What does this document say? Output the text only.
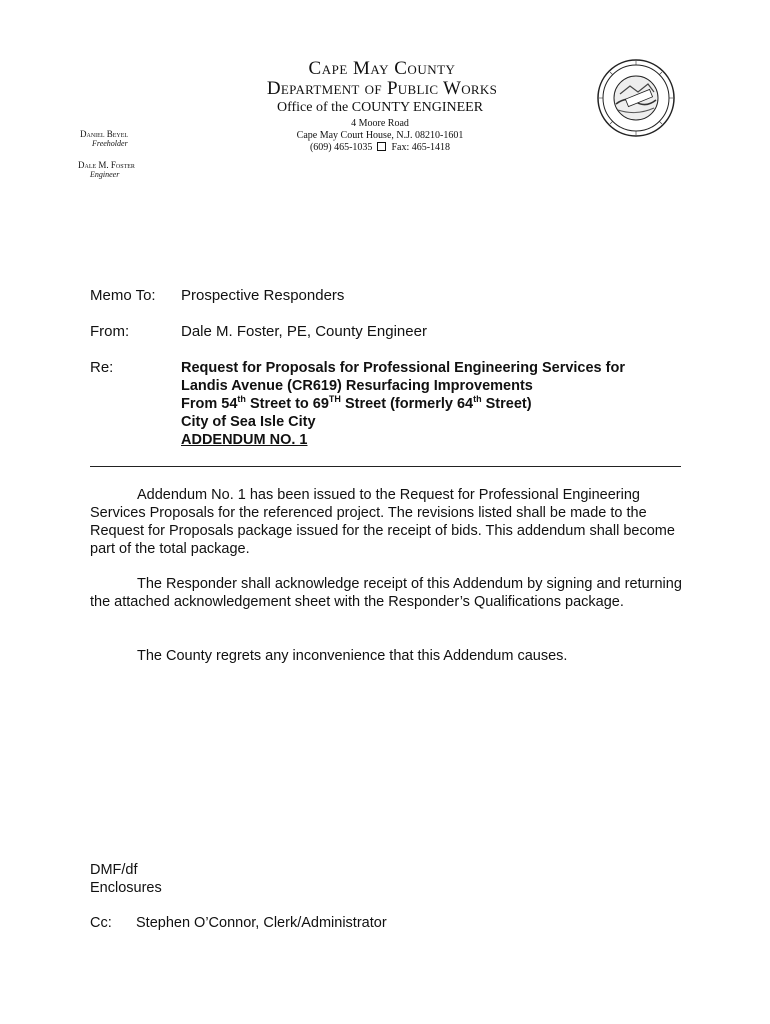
Cape May County
Department of Public Works
Office of the COUNTY ENGINEER
4 Moore Road
Cape May Court House, N.J. 08210-1601
(609) 465-1035 Fax: 465-1418
Daniel Beyel
Freeholder
Dale M. Foster
Engineer
Memo To: Prospective Responders
From:	Dale M. Foster, PE, County Engineer
Re:	Request for Proposals for Professional Engineering Services for
Landis Avenue (CR619) Resurfacing Improvements
From 54th Street to 69TH Street (formerly 64th Street)
City of Sea Isle City
ADDENDUM NO. 1
Addendum No. 1 has been issued to the Request for Professional Engineering Services Proposals for the referenced project. The revisions listed shall be made to the Request for Proposals package issued for the receipt of bids. This addendum shall become part of the total package.
The Responder shall acknowledge receipt of this Addendum by signing and returning the attached acknowledgement sheet with the Responder’s Qualifications package.
The County regrets any inconvenience that this Addendum causes.
DMF/df
Enclosures
Cc: Stephen O’Connor, Clerk/Administrator
